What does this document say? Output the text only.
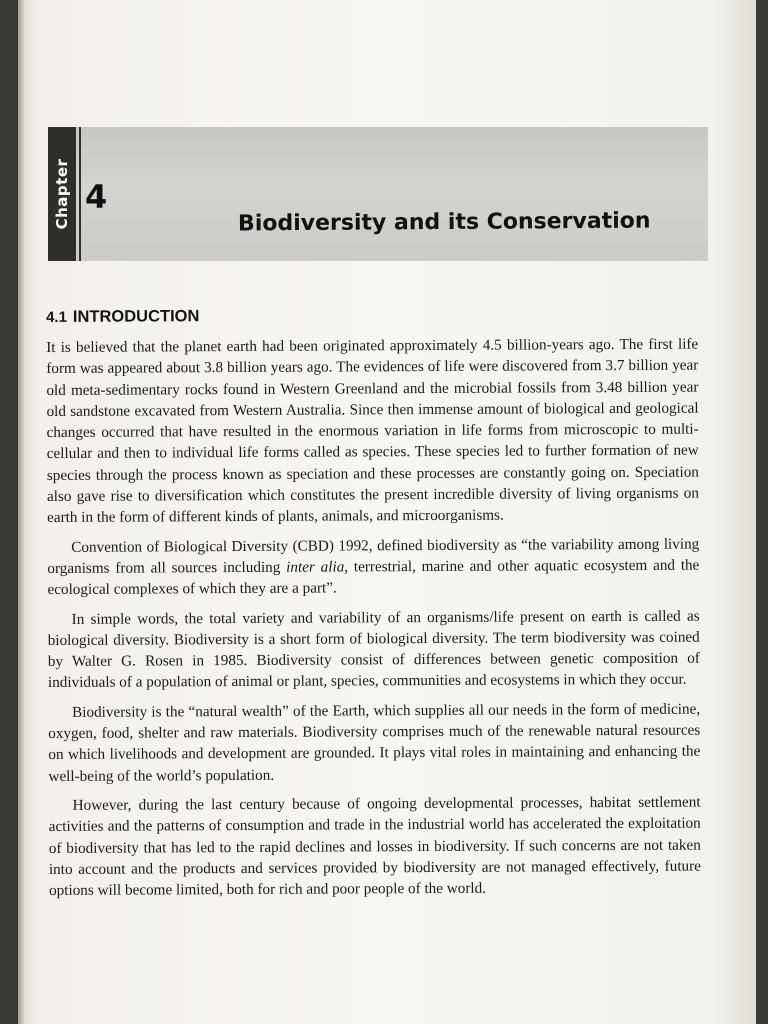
Chapter 4
Biodiversity and its Conservation
4.1 INTRODUCTION

It is believed that the planet earth had been originated approximately 4.5 billion-years ago. The first life form was appeared about 3.8 billion years ago. The evidences of life were discovered from 3.7 billion year old meta-sedimentary rocks found in Western Greenland and the microbial fossils from 3.48 billion year old sandstone excavated from Western Australia. Since then immense amount of biological and geological changes occurred that have resulted in the enormous variation in life forms from microscopic to multi-cellular and then to individual life forms called as species. These species led to further formation of new species through the process known as speciation and these processes are constantly going on. Speciation also gave rise to diversification which constitutes the present incredible diversity of living organisms on earth in the form of different kinds of plants, animals, and microorganisms.

Convention of Biological Diversity (CBD) 1992, defined biodiversity as “the variability among living organisms from all sources including inter alia, terrestrial, marine and other aquatic ecosystem and the ecological complexes of which they are a part”.

In simple words, the total variety and variability of an organisms/life present on earth is called as biological diversity. Biodiversity is a short form of biological diversity. The term biodiversity was coined by Walter G. Rosen in 1985. Biodiversity consist of differences between genetic composition of individuals of a population of animal or plant, species, communities and ecosystems in which they occur.

Biodiversity is the “natural wealth” of the Earth, which supplies all our needs in the form of medicine, oxygen, food, shelter and raw materials. Biodiversity comprises much of the renewable natural resources on which livelihoods and development are grounded. It plays vital roles in maintaining and enhancing the well-being of the world’s population.

However, during the last century because of ongoing developmental processes, habitat settlement activities and the patterns of consumption and trade in the industrial world has accelerated the exploitation of biodiversity that has led to the rapid declines and losses in biodiversity. If such concerns are not taken into account and the products and services provided by biodiversity are not managed effectively, future options will become limited, both for rich and poor people of the world.
